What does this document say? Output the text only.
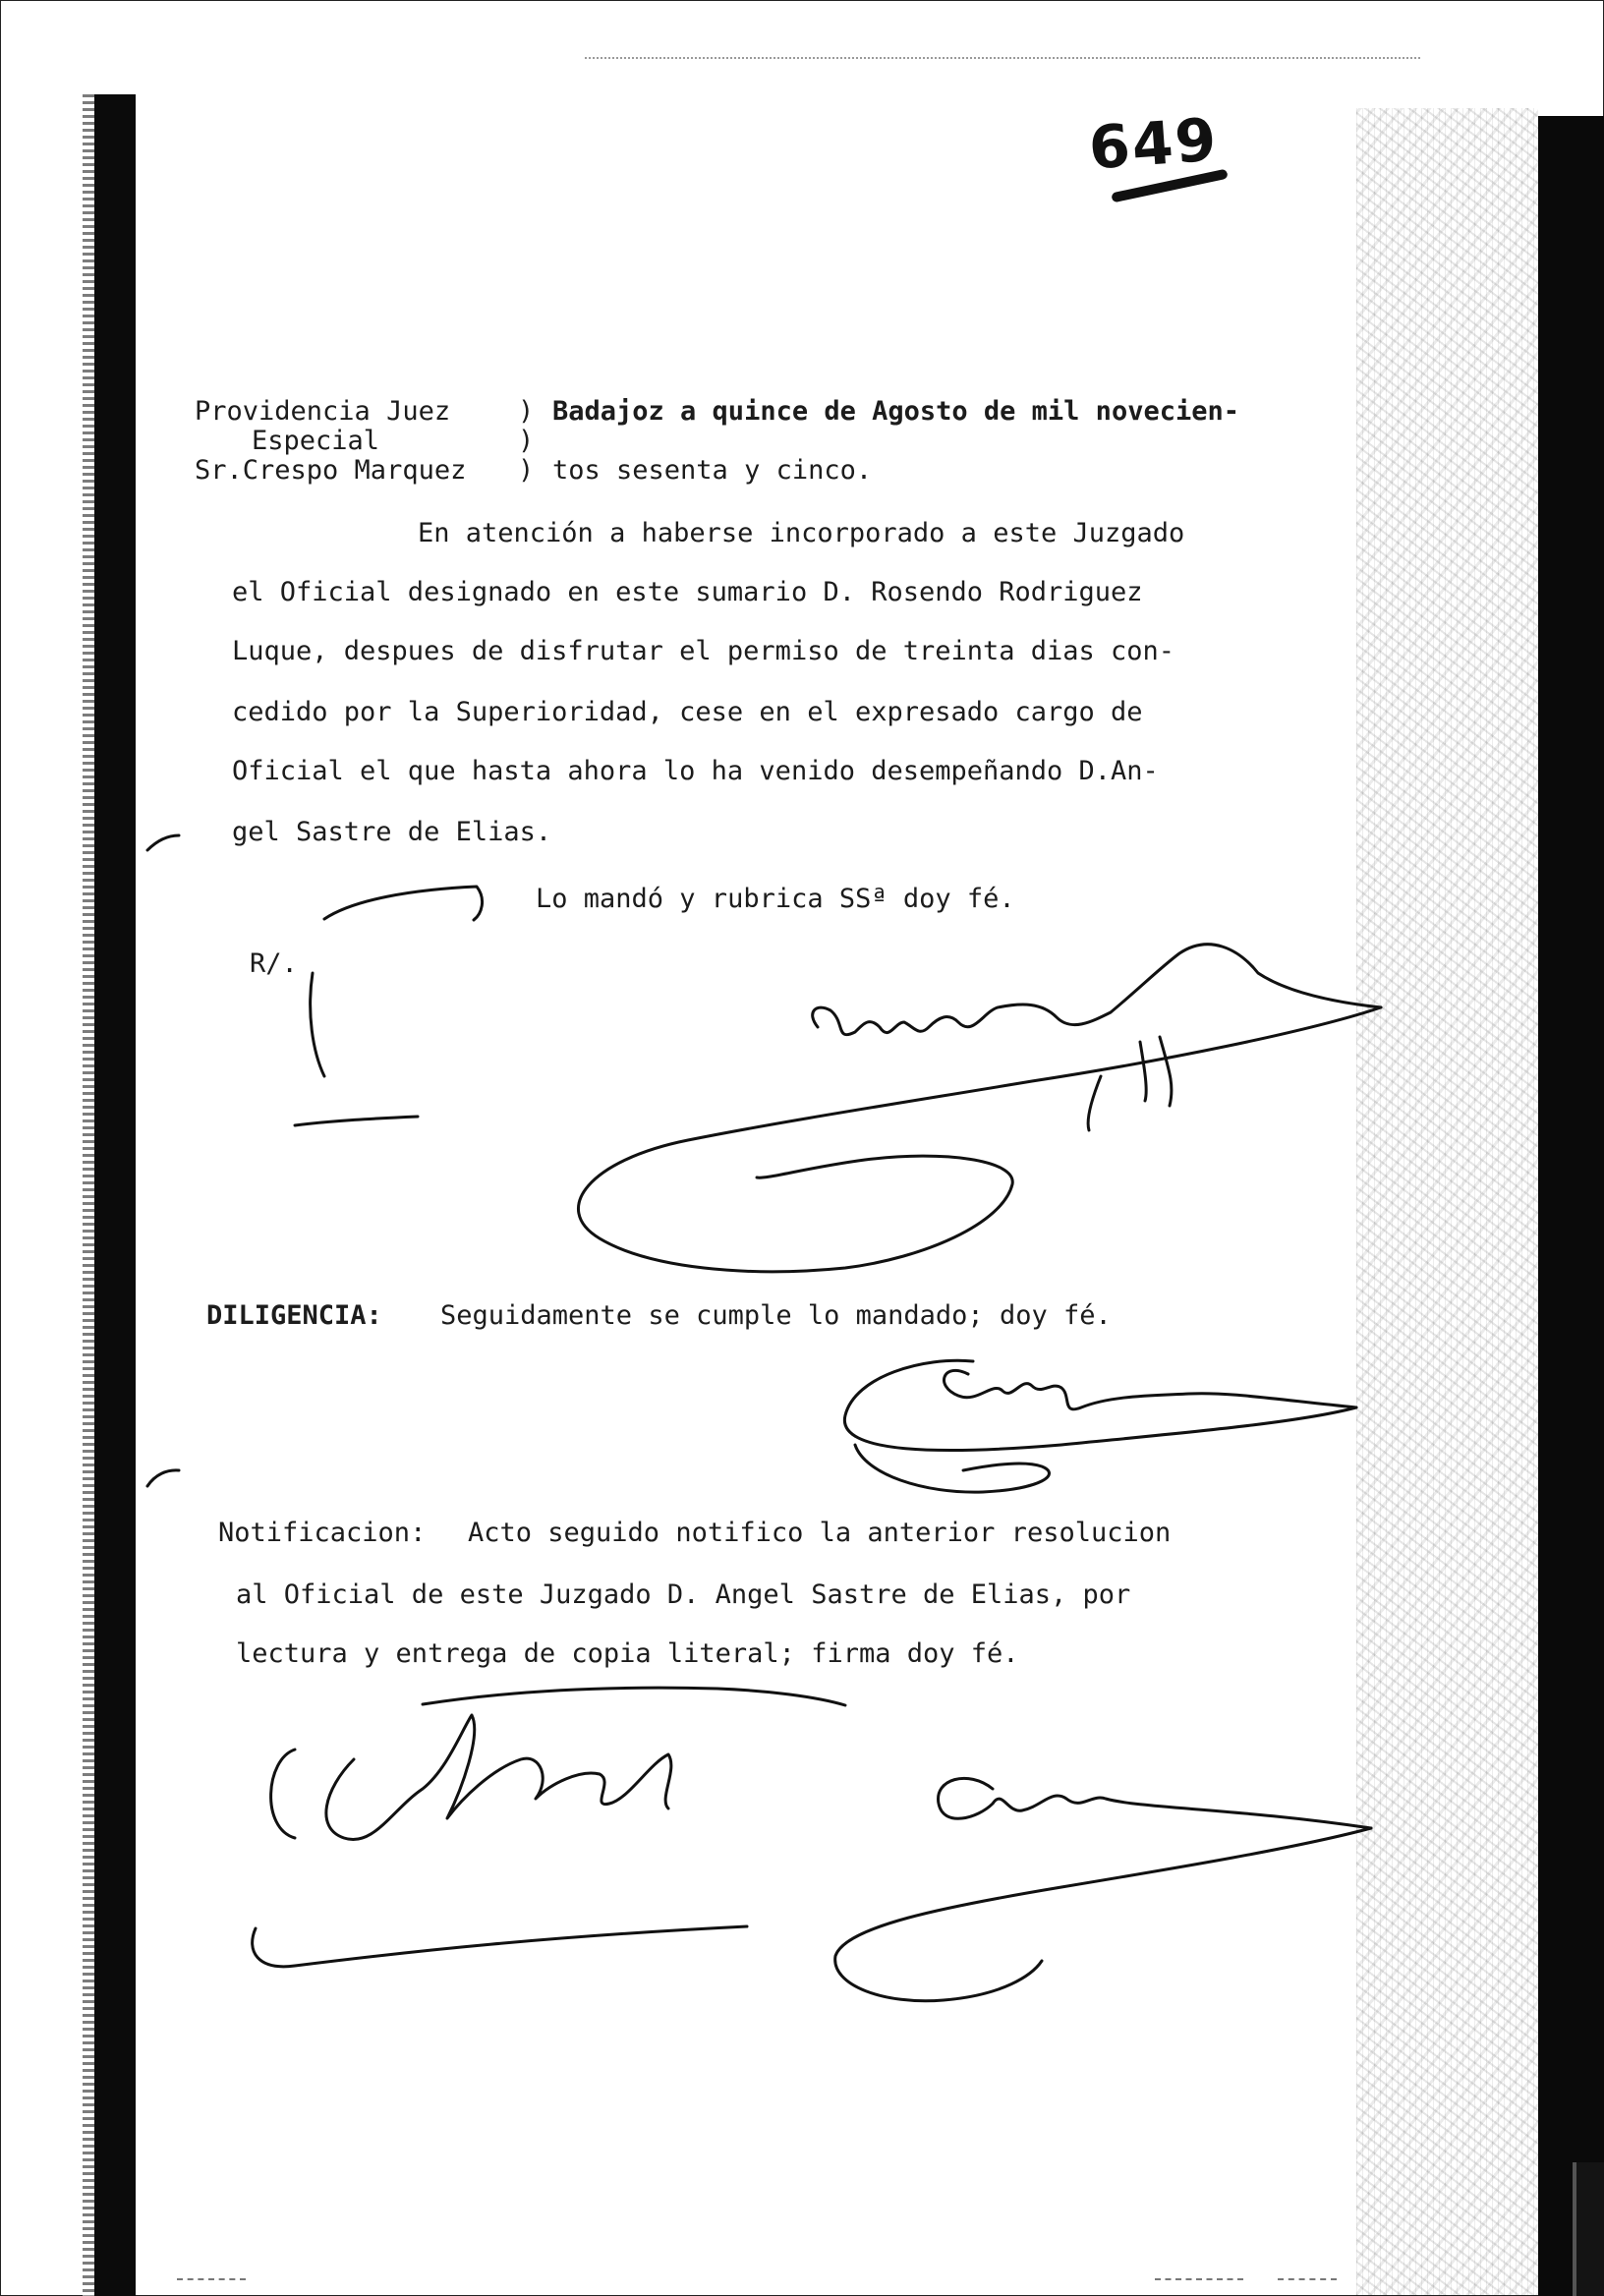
649
Providencia Juez
Especial
Sr.Crespo Marquez
)
)
)
Badajoz a quince de Agosto de mil novecien-
tos sesenta y cinco.
En atención a haberse incorporado a este Juzgado
el Oficial designado en este sumario D. Rosendo Rodriguez
Luque, despues de disfrutar el permiso de treinta dias con-
cedido por la Superioridad, cese en el expresado cargo de
Oficial el que hasta ahora lo ha venido desempeñando D.An-
gel Sastre de Elias.
Lo mandó y rubrica SSª doy fé.
R/.
DILIGENCIA: Seguidamente se cumple lo mandado; doy fé.
Notificacion: Acto seguido notifico la anterior resolucion
al Oficial de este Juzgado D. Angel Sastre de Elias, por
lectura y entrega de copia literal; firma doy fé.
